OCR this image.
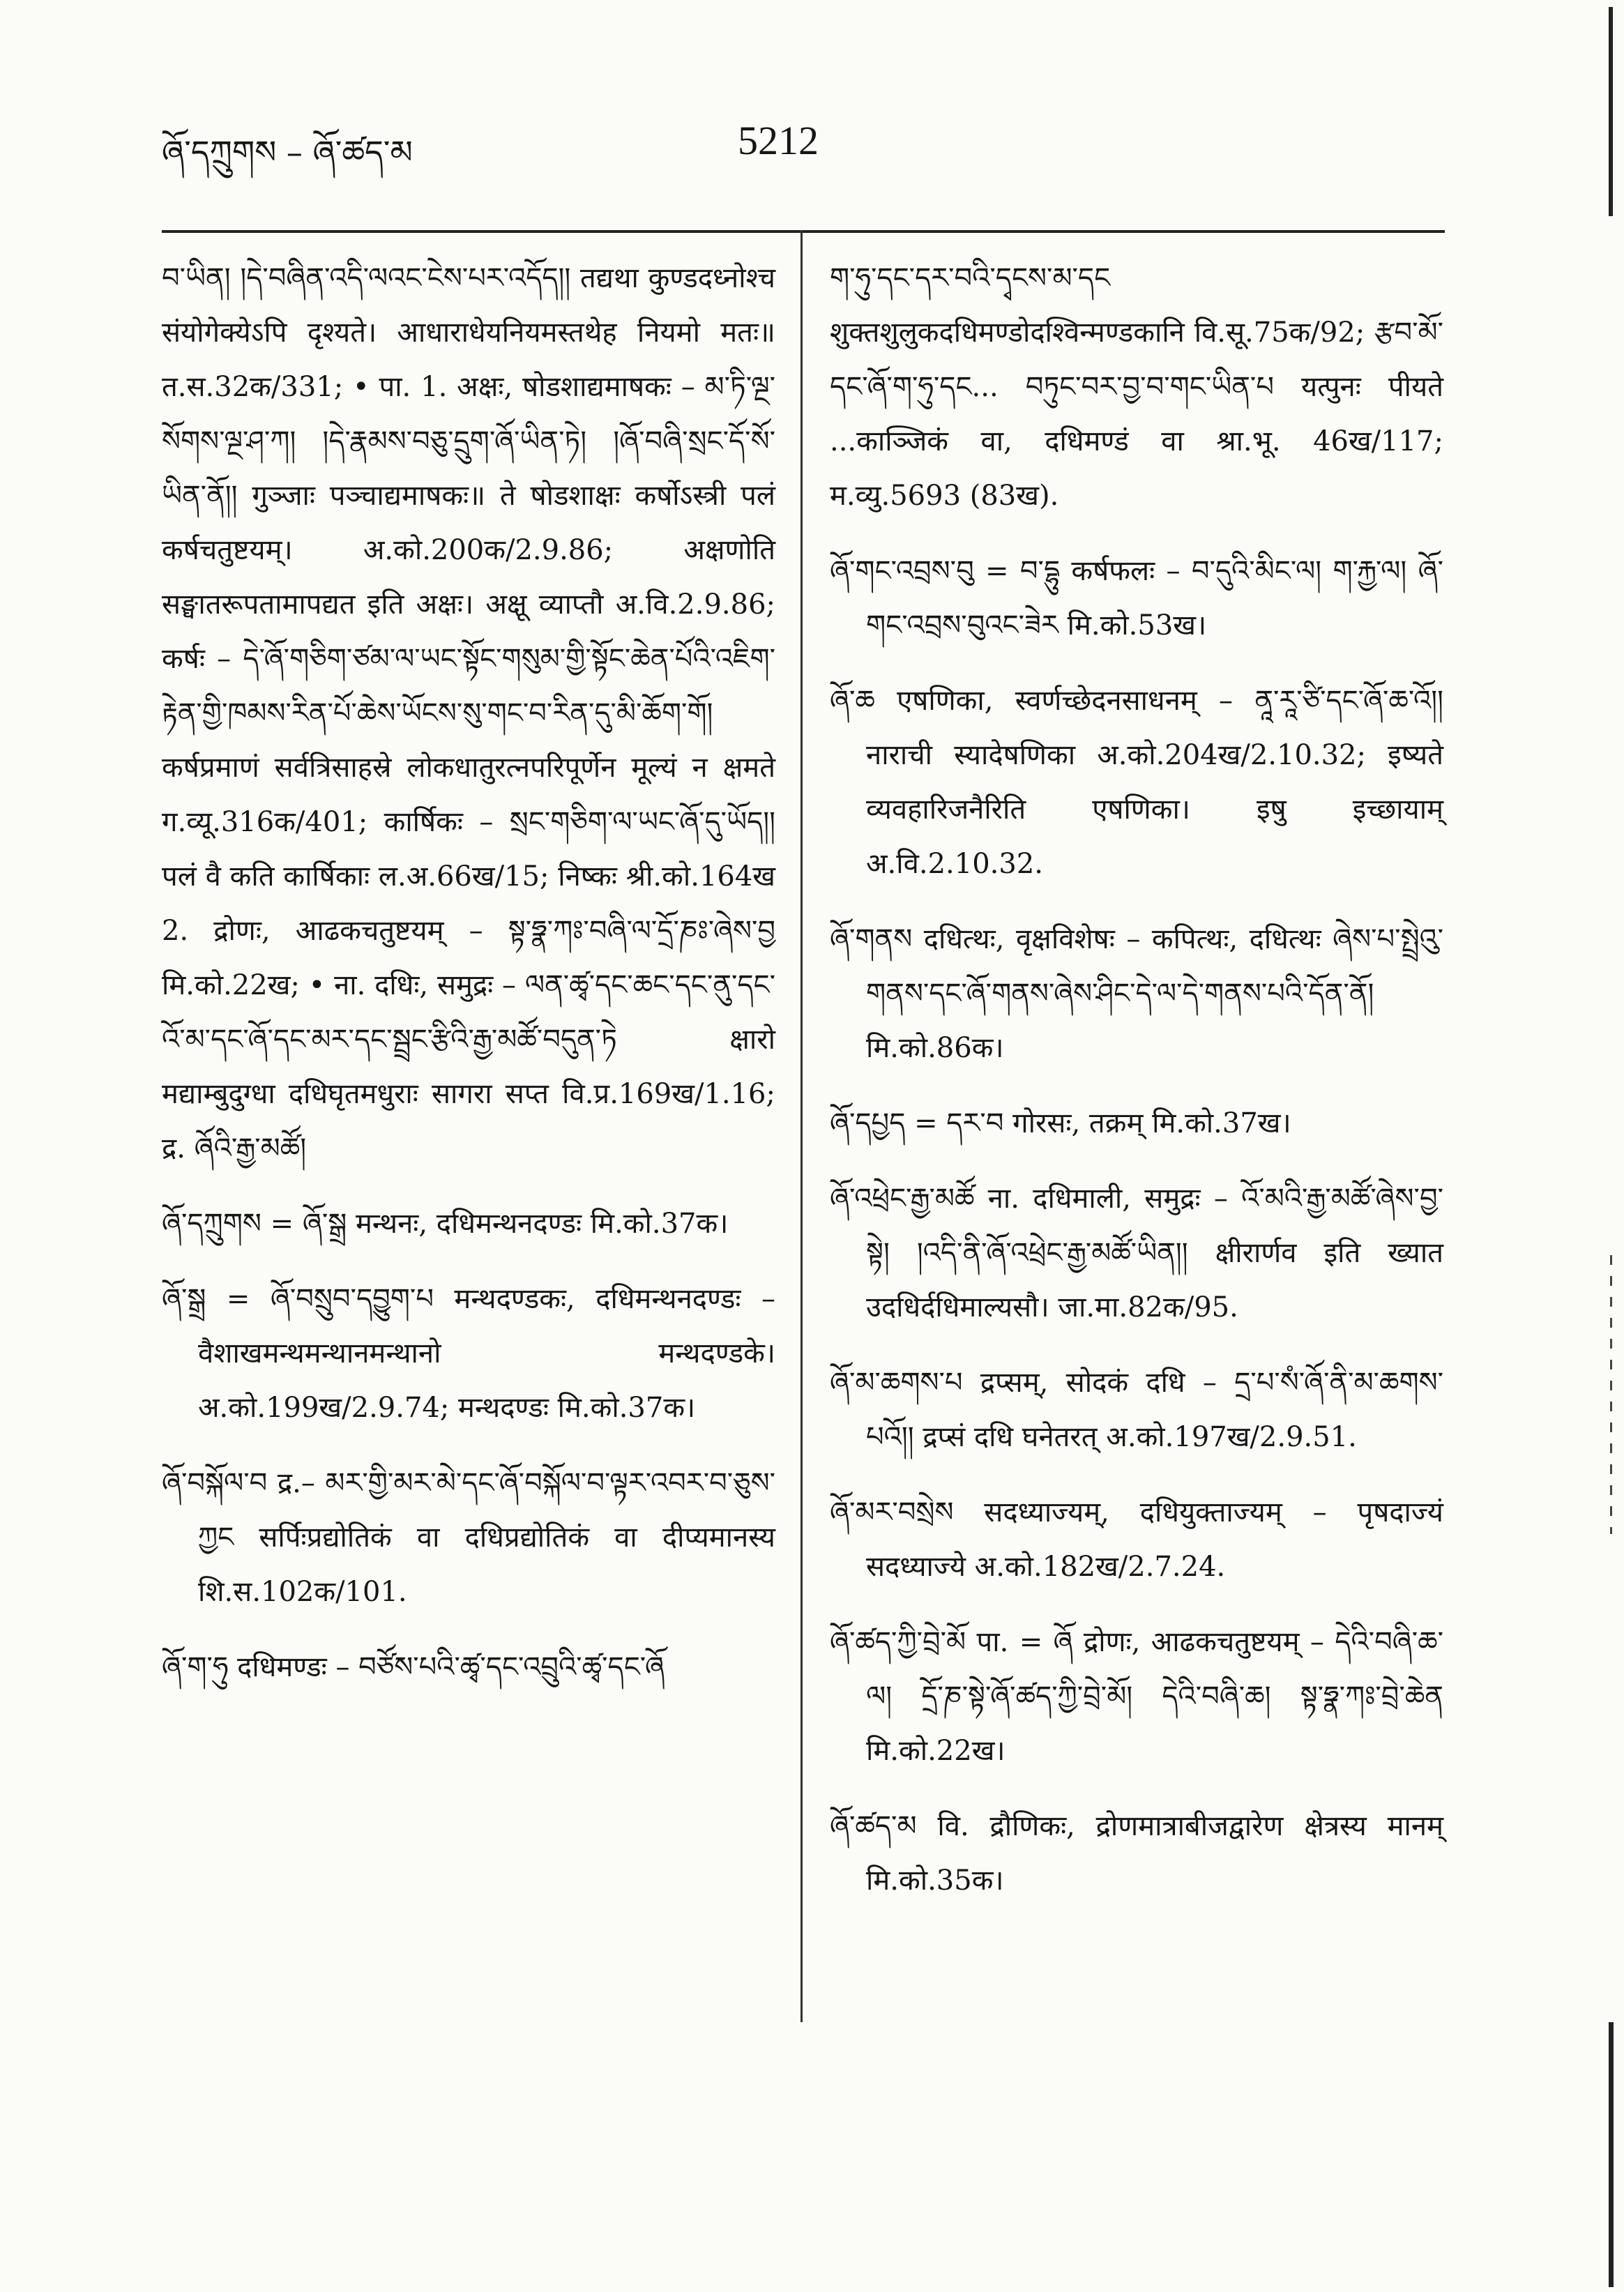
ཞོ་དཀྲུགས – ཞོ་ཚད་མ	5212

བ་ཡིན། །དེ་བཞིན་འདི་ལའང་ངེས་པར་འདོད།། तद्यथा कुण्डदध्नोश्च संयोगेक्येऽपि दृश्यते। आधाराधेयनियमस्तथेह नियमो मतः॥ त.स.32क/331; • पा. 1. अक्षः, षोडशाद्यमाषकः – མ་ཏི་ལྔ་སོགས་ལྔ་ཤ་ཀ། །དེ་རྣམས་བཅུ་དྲུག་ཞོ་ཡིན་ཏེ། །ཞོ་བཞི་སྲང་དོ་སོ་ཡིན་ནོ།། गुञ्जाः पञ्चाद्यमाषकः॥ ते षोडशाक्षः कर्षोऽस्त्री पलं कर्षचतुष्टयम्। अ.को.200क/2.9.86; अक्षणोति सङ्घातरूपतामापद्यत इति अक्षः। अक्षू व्याप्तौ अ.वि.2.9.86; कर्षः – དེ་ཞོ་གཅིག་ཙམ་ལ་ཡང་སྟོང་གསུམ་གྱི་སྟོང་ཆེན་པོའི་འཇིག་རྟེན་གྱི་ཁམས་རིན་པོ་ཆེས་ཡོངས་སུ་གང་བ་རིན་དུ་མི་ཆོག་གོ། कर्षप्रमाणं सर्वत्रिसाहस्रे लोकधातुरत्नपरिपूर्णेन मूल्यं न क्षमते ग.व्यू.316क/401; कार्षिकः – སྲང་གཅིག་ལ་ཡང་ཞོ་དུ་ཡོད།། पलं वै कति कार्षिकाः ल.अ.66ख/15; निष्कः श्री.को.164ख 2. द्रोणः, आढकचतुष्टयम् – སྟ་ཧྣ་ཀཿ་བཞི་ལ་དྲོ་ཎཿ་ཞེས་བྱ मि.को.22ख; • ना. दधिः, समुद्रः – ལན་ཚྭ་དང་ཆང་དང་ནུ་དང་འོ་མ་དང་ཞོ་དང་མར་དང་སྦྲང་རྩིའི་རྒྱ་མཚོ་བདུན་ཏེ क्षारो मद्याम्बुदुग्धा दधिघृतमधुराः सागरा सप्त वि.प्र.169ख/1.16; द्र. ཞོའི་རྒྱ་མཚོ།

ཞོ་དཀྲུགས = ཞོ་སྒྲ मन्थनः, दधिमन्थनदण्डः मि.को.37क।

ཞོ་སྒྲ = ཞོ་བསྲུབ་དབྱུག་པ मन्थदण्डकः, दधिमन्थनदण्डः – वैशाखमन्थमन्थानमन्थानो मन्थदण्डके। अ.को.199ख/2.9.74; मन्थदण्डः मि.को.37क।

ཞོ་བསྐོལ་བ द्र.– མར་གྱི་མར་མེ་དང་ཞོ་བསྐོལ་བ་ལྟར་འབར་བ་ཅུས་ཀྱང सर्पिःप्रद्योतिकं वा दधिप्रद्योतिकं वा दीप्यमानस्य शि.स.102क/101.

ཞོ་ག་ཧུ दधिमण्डः – བཙོས་པའི་ཚྭ་དང་འབྲུའི་ཚྭ་དང་ཞོ

ག་ཧུ་དང་དར་བའི་དྭངས་མ་དང शुक्तशुलुकदधिमण्डोदश्विन्मण्डकानि वि.सू.75क/92; རྩབ་མོ་དང་ཞོ་ག་ཧུ་དང... བཏུང་བར་བྱ་བ་གང་ཡིན་པ यत्पुनः पीयते ...काञ्जिकं वा, दधिमण्डं वा श्रा.भू. 46ख/117; म.व्यु.5693 (83ख).

ཞོ་གང་འབྲས་བུ = བ་དྷུ कर्षफलः – བ་དུའི་མིང་ལ། ག་རྐྱ་ལ། ཞོ་གང་འབྲས་བུའང་ཟེར मि.को.53ख।

ཞོ་ཆ एषणिका, स्वर्णच्छेदनसाधनम् – ནཱ་རཱ་ཙི་དང་ཞོ་ཆ་འོ།། नाराची स्यादेषणिका अ.को.204ख/2.10.32; इष्यते व्यवहारिजनैरिति एषणिका। इषु इच्छायाम् अ.वि.2.10.32.

ཞོ་གནས दधित्थः, वृक्षविशेषः – कपित्थः, दधित्थः ཞེས་པ་སྤྲེའུ་གནས་དང་ཞོ་གནས་ཞེས་ཤིང་དེ་ལ་དེ་གནས་པའི་དོན་ནོ། मि.को.86क।

ཞོ་དཔྱད = དར་བ गोरसः, तक्रम् मि.को.37ख।

ཞོ་འཕྲེང་རྒྱ་མཚོ ना. दधिमाली, समुद्रः – འོ་མའི་རྒྱ་མཚོ་ཞེས་བྱ་སྟེ། །འདི་ནི་ཞོ་འཕྲེང་རྒྱ་མཚོ་ཡིན།། क्षीरार्णव इति ख्यात उदधिर्दधिमाल्यसौ। जा.मा.82क/95.

ཞོ་མ་ཆགས་པ द्रप्सम्, सोदकं दधि – དྲ་པ་སཾ་ཞོ་ནི་མ་ཆགས་པའོ།། द्रप्सं दधि घनेतरत् अ.को.197ख/2.9.51.

ཞོ་མར་བསྲེས सदध्याज्यम्, दधियुक्ताज्यम् – पृषदाज्यं सदध्याज्ये अ.को.182ख/2.7.24.

ཞོ་ཚད་ཀྱི་བྲེ་མོ पा. = ཞོ द्रोणः, आढकचतुष्टयम् – དེའི་བཞི་ཆ་ལ། དྲོ་ཎ་སྟེ་ཞོ་ཚད་ཀྱི་བྲེ་མོ། དེའི་བཞི་ཆ། སྟ་ཧྣ་ཀཿ་བྲེ་ཆེན मि.को.22ख।

ཞོ་ཚད་མ वि. द्रौणिकः, द्रोणमात्राबीजद्वारेण क्षेत्रस्य मानम् मि.को.35क।
